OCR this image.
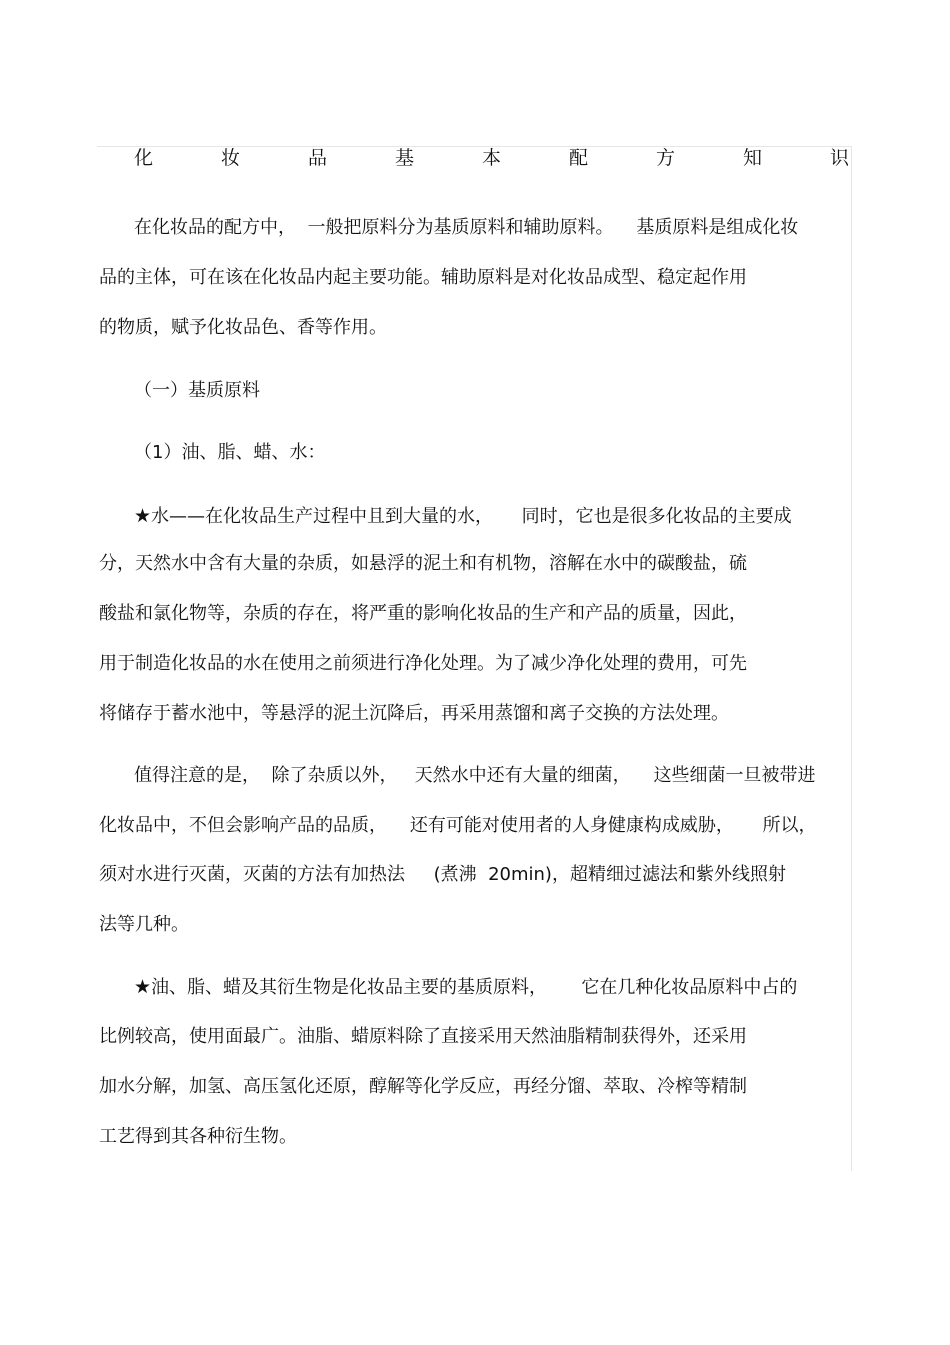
化	妆	品	基	本	配	方	知	识
在化妆品的配方中，  一般把原料分为基质原料和辅助原料。    基质原料是组成化妆
品的主体，可在该在化妆品内起主要功能。辅助原料是对化妆品成型、稳定起作用
的物质，赋予化妆品色、香等作用。
（一）基质原料
（1）油、脂、蜡、水：
★水——在化妆品生产过程中且到大量的水，     同时，它也是很多化妆品的主要成
分，天然水中含有大量的杂质，如悬浮的泥土和有机物，溶解在水中的碳酸盐，硫
酸盐和氯化物等，杂质的存在，将严重的影响化妆品的生产和产品的质量，因此，
用于制造化妆品的水在使用之前须进行净化处理。为了减少净化处理的费用，可先
将储存于蓄水池中，等悬浮的泥土沉降后，再采用蒸馏和离子交换的方法处理。
值得注意的是，  除了杂质以外，   天然水中还有大量的细菌，    这些细菌一旦被带进
化妆品中，不但会影响产品的品质，    还有可能对使用者的人身健康构成威胁，     所以，
须对水进行灭菌，灭菌的方法有加热法     (煮沸  20min)，超精细过滤法和紫外线照射
法等几种。
★油、脂、蜡及其衍生物是化妆品主要的基质原料，      它在几种化妆品原料中占的
比例较高，使用面最广。油脂、蜡原料除了直接采用天然油脂精制获得外，还采用
加水分解，加氢、高压氢化还原，醇解等化学反应，再经分馏、萃取、冷榨等精制
工艺得到其各种衍生物。
